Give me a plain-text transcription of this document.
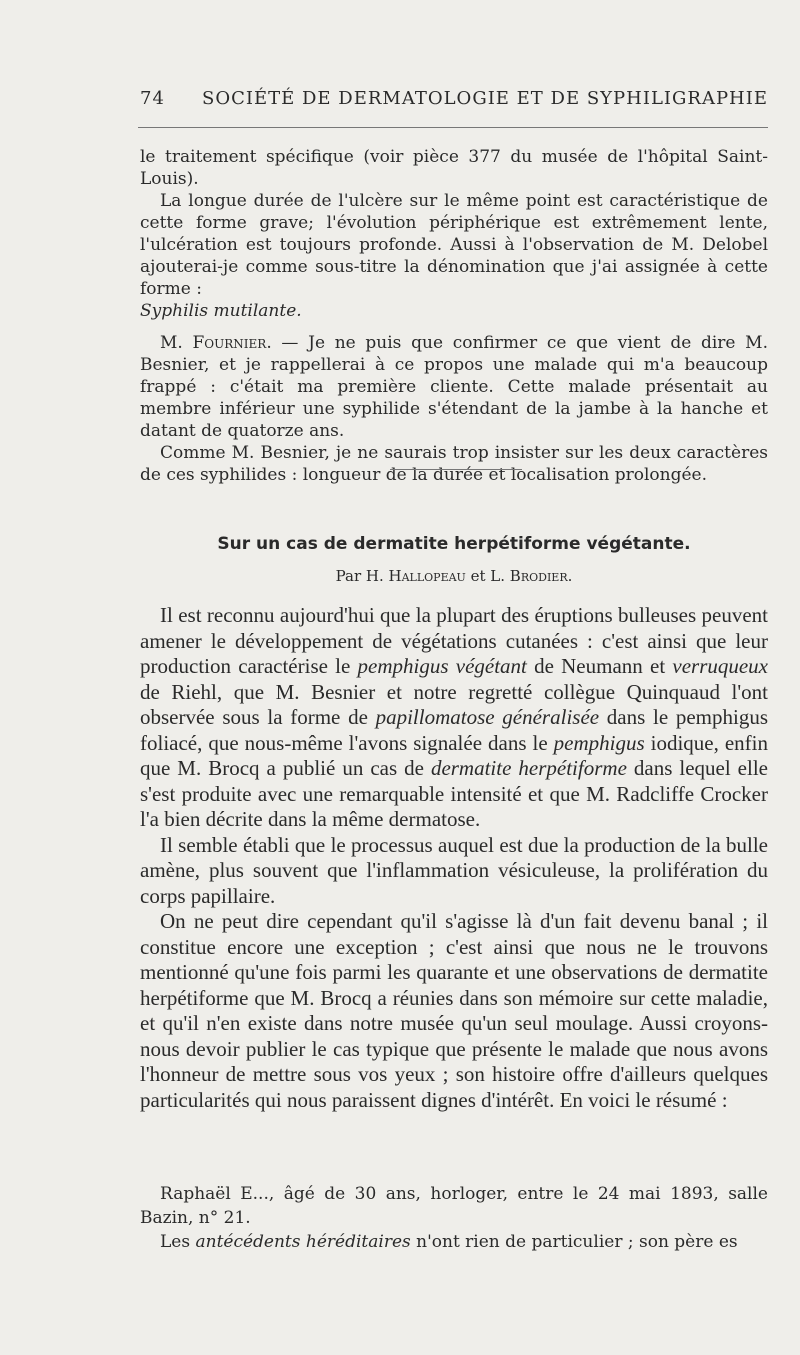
74 SOCIÉTÉ DE DERMATOLOGIE ET DE SYPHILIGRAPHIE

le traitement spécifique (voir pièce 377 du musée de l'hôpital Saint-Louis).

La longue durée de l'ulcère sur le même point est caractéristique de cette forme grave; l'évolution périphérique est extrêmement lente, l'ulcération est toujours profonde. Aussi à l'observation de M. Delobel ajouterai-je comme sous-titre la dénomination que j'ai assignée à cette forme :
Syphilis mutilante.

M. Fournier. — Je ne puis que confirmer ce que vient de dire M. Besnier, et je rappellerai à ce propos une malade qui m'a beaucoup frappé : c'était ma première cliente. Cette malade présentait au membre inférieur une syphilide s'étendant de la jambe à la hanche et datant de quatorze ans.

Comme M. Besnier, je ne saurais trop insister sur les deux caractères de ces syphilides : longueur de la durée et localisation prolongée.

Sur un cas de dermatite herpétiforme végétante.
Par H. Hallopeau et L. Brodier.

Il est reconnu aujourd'hui que la plupart des éruptions bulleuses peuvent amener le développement de végétations cutanées : c'est ainsi que leur production caractérise le pemphigus végétant de Neumann et verruqueux de Riehl, que M. Besnier et notre regretté collègue Quinquaud l'ont observée sous la forme de papillomatose généralisée dans le pemphigus foliacé, que nous-même l'avons signalée dans le pemphigus iodique, enfin que M. Brocq a publié un cas de dermatite herpétiforme dans lequel elle s'est produite avec une remarquable intensité et que M. Radcliffe Crocker l'a bien décrite dans la même dermatose.

Il semble établi que le processus auquel est due la production de la bulle amène, plus souvent que l'inflammation vésiculeuse, la prolifération du corps papillaire.

On ne peut dire cependant qu'il s'agisse là d'un fait devenu banal ; il constitue encore une exception ; c'est ainsi que nous ne le trouvons mentionné qu'une fois parmi les quarante et une observations de dermatite herpétiforme que M. Brocq a réunies dans son mémoire sur cette maladie, et qu'il n'en existe dans notre musée qu'un seul moulage. Aussi croyons-nous devoir publier le cas typique que présente le malade que nous avons l'honneur de mettre sous vos yeux ; son histoire offre d'ailleurs quelques particularités qui nous paraissent dignes d'intérêt. En voici le résumé :

Raphaël E..., âgé de 30 ans, horloger, entre le 24 mai 1893, salle Bazin, n° 21.

Les antécédents héréditaires n'ont rien de particulier ; son père es
